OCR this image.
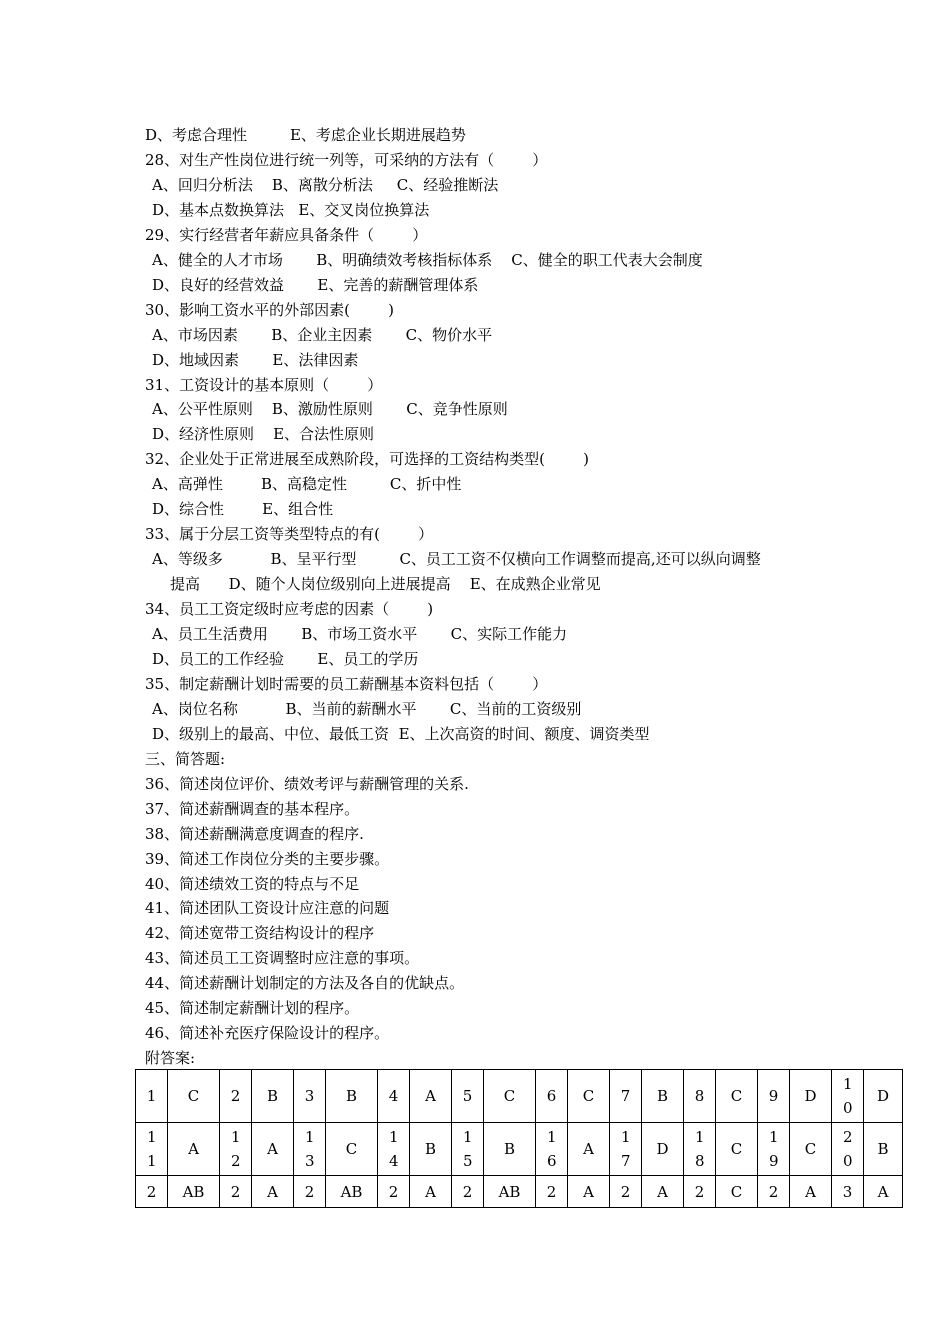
D、考虑合理性         E、考虑企业长期进展趋势

28、对生产性岗位进行统一列等，可采纳的方法有（        ）

A、回归分析法    B、离散分析法     C、经验推断法

D、基本点数换算法   E、交叉岗位换算法

29、实行经营者年薪应具备条件（        ）

A、健全的人才市场       B、明确绩效考核指标体系    C、健全的职工代表大会制度

D、良好的经营效益       E、完善的薪酬管理体系

30、影响工资水平的外部因素(        )

A、市场因素       B、企业主因素       C、物价水平

D、地域因素       E、法律因素

31、工资设计的基本原则（        ）

A、公平性原则    B、激励性原则       C、竞争性原则

D、经济性原则    E、合法性原则

32、企业处于正常进展至成熟阶段，可选择的工资结构类型(        )

A、高弹性        B、高稳定性         C、折中性

D、综合性        E、组合性

33、属于分层工资等类型特点的有(        ）

A、等级多          B、呈平行型         C、员工工资不仅横向工作调整而提高,还可以纵向调整

提高      D、随个人岗位级别向上进展提高    E、在成熟企业常见

34、员工工资定级时应考虑的因素（        )

A、员工生活费用       B、市场工资水平       C、实际工作能力

D、员工的工作经验       E、员工的学历

35、制定薪酬计划时需要的员工薪酬基本资料包括（        ）

A、岗位名称          B、当前的薪酬水平       C、当前的工资级别

D、级别上的最高、中位、最低工资  E、上次高资的时间、额度、调资类型

三、简答题:

36、简述岗位评价、绩效考评与薪酬管理的关系.

37、简述薪酬调查的基本程序。

38、简述薪酬满意度调查的程序.

39、简述工作岗位分类的主要步骤。

40、简述绩效工资的特点与不足

41、简述团队工资设计应注意的问题

42、简述宽带工资结构设计的程序

43、简述员工工资调整时应注意的事项。

44、简述薪酬计划制定的方法及各自的优缺点。

45、简述制定薪酬计划的程序。

46、简述补充医疗保险设计的程序。

附答案:

1	C	2	B	3	B	4	A	5	C	6	C	7	B	8	C	9	D	10	D
11	A	12	A	13	C	14	B	15	B	16	A	17	D	18	C	19	C	20	B
2	AB	2	A	2	AB	2	A	2	AB	2	A	2	A	2	C	2	A	3	A
